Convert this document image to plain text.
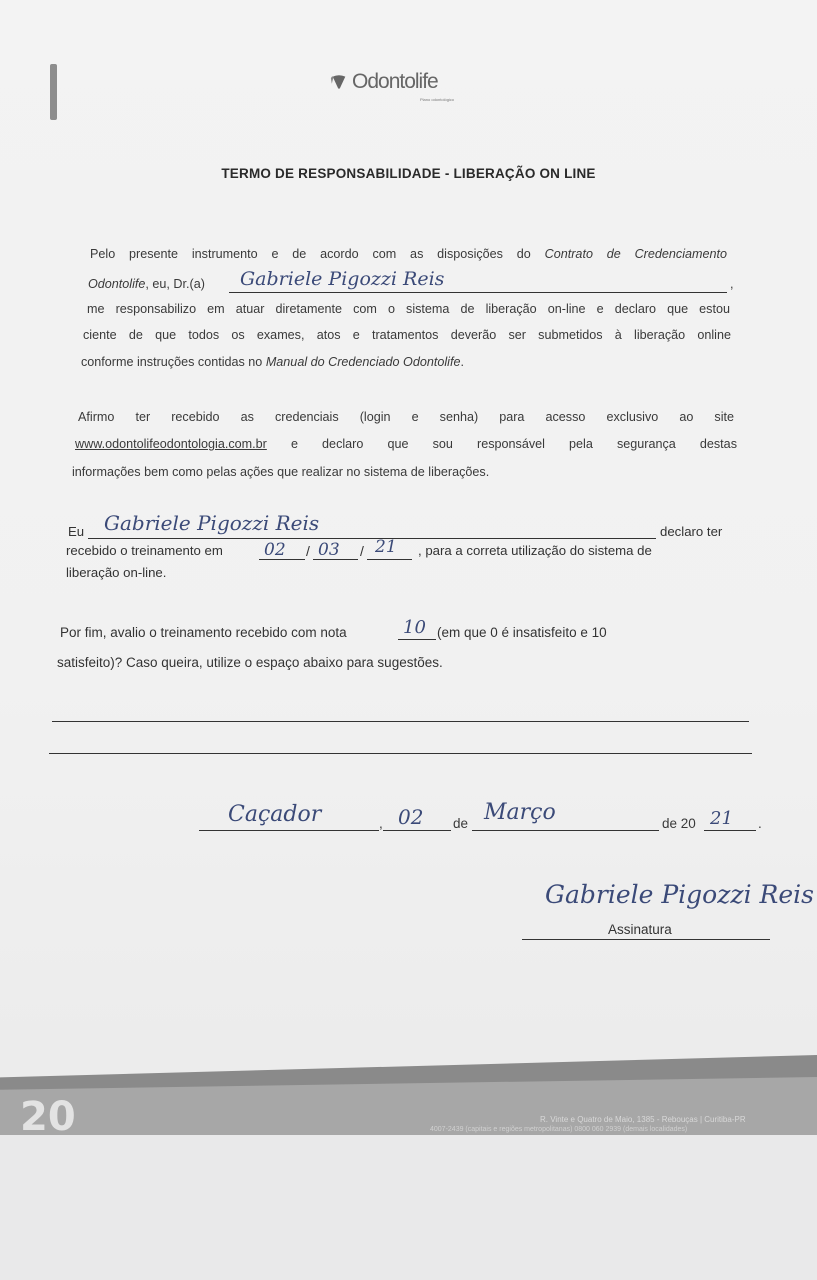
Odontolife
Plano odontológico
TERMO DE RESPONSABILIDADE - LIBERAÇÃO ON LINE
Pelo presente instrumento e de acordo com as disposições do Contrato de Credenciamento
Odontolife, eu, Dr.(a)	,
me responsabilizo em atuar diretamente com o sistema de liberação on-line e declaro que estou
ciente de que todos os exames, atos e tratamentos deverão ser submetidos à liberação online
conforme instruções contidas no Manual do Credenciado Odontolife.
Gabriele Pigozzi Reis
Afirmo ter recebido as credenciais (login e senha) para acesso exclusivo ao site
www.odontolifeodontologia.com.br e declaro que sou responsável pela segurança destas
informações bem como pelas ações que realizar no sistema de liberações.
Eu	declaro ter
recebido o treinamento em	, para a correta utilização do sistema de
liberação on-line.
Gabriele Pigozzi Reis
02 / 03 / 21
Por fim, avalio o treinamento recebido com nota	(em que 0 é insatisfeito e 10
satisfeito)? Caso queira, utilize o espaço abaixo para sugestões.
10
Caçador	, 02 de Março	de 20 21 .
Gabriele Pigozzi Reis
Assinatura
20	R. Vinte e Quatro de Maio, 1385 - Rebouças | Curitiba-PR
4007-2439 (capitais e regiões metropolitanas) 0800 060 2939 (demais localidades)
